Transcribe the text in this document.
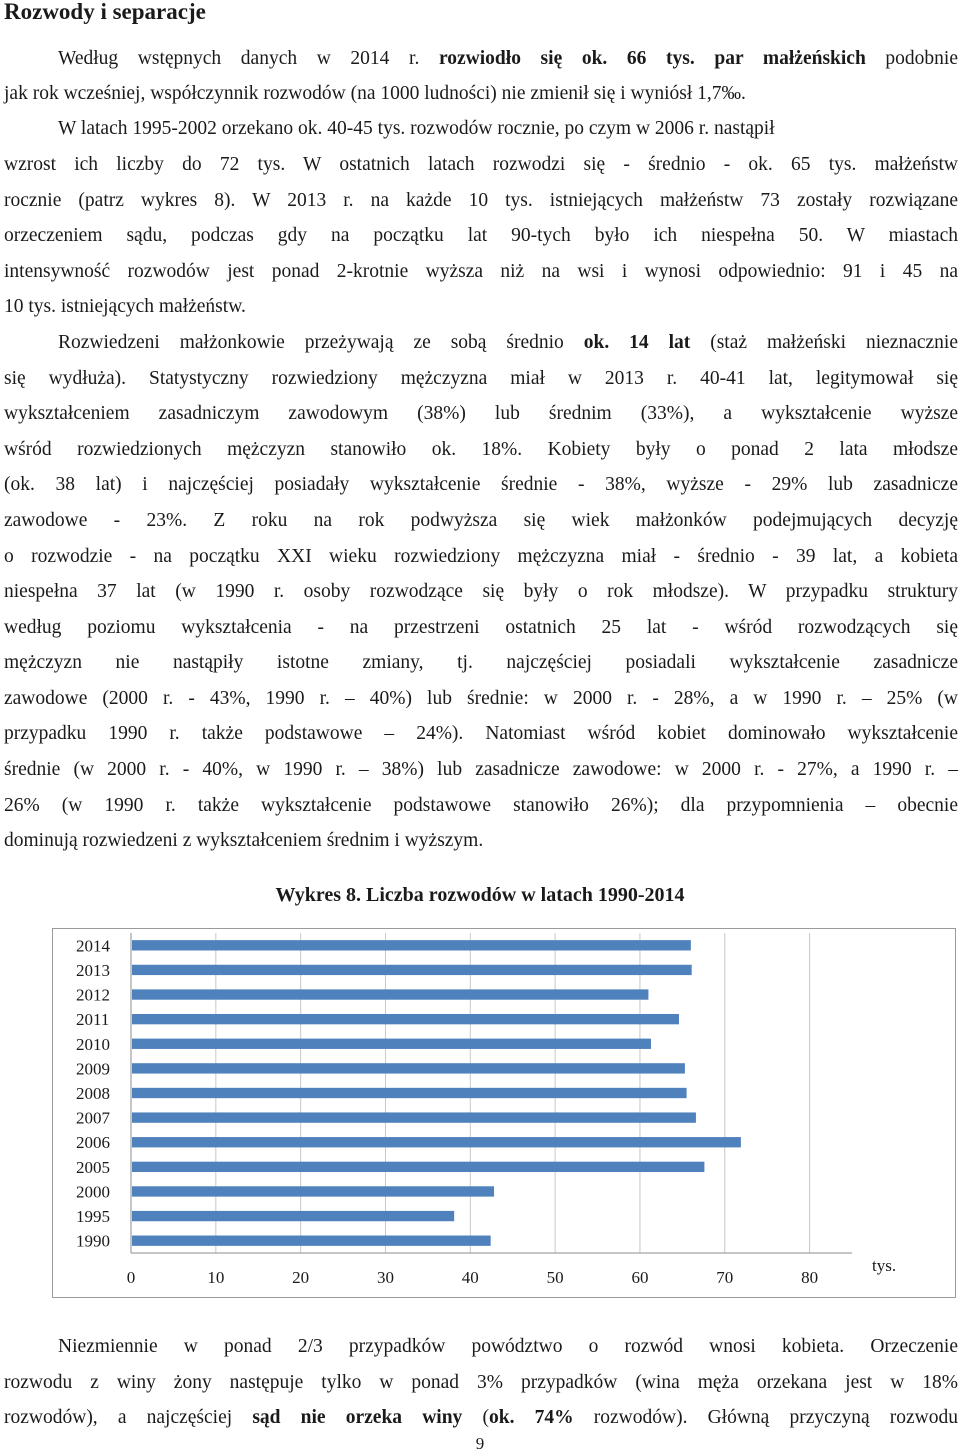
Rozwody i separacje

Według wstępnych danych w 2014 r. rozwiodło się ok. 66 tys. par małżeńskich podobnie

jak rok wcześniej, współczynnik rozwodów (na 1000 ludności) nie zmienił się i wyniósł 1,7‰.

W latach 1995-2002 orzekano ok. 40-45 tys. rozwodów rocznie, po czym w 2006 r. nastąpił

wzrost ich liczby do 72 tys. W ostatnich latach rozwodzi się - średnio - ok. 65 tys. małżeństw

rocznie (patrz wykres 8). W 2013 r. na każde 10 tys. istniejących małżeństw 73 zostały rozwiązane

orzeczeniem sądu, podczas gdy na początku lat 90-tych było ich niespełna 50. W miastach

intensywność rozwodów jest ponad 2-krotnie wyższa niż na wsi i wynosi odpowiednio: 91 i 45 na

10 tys. istniejących małżeństw.

Rozwiedzeni małżonkowie przeżywają ze sobą średnio ok. 14 lat (staż małżeński nieznacznie

się wydłuża). Statystyczny rozwiedziony mężczyzna miał w 2013 r. 40-41 lat, legitymował się

wykształceniem zasadniczym zawodowym (38%) lub średnim (33%), a wykształcenie wyższe

wśród rozwiedzionych mężczyzn stanowiło ok. 18%. Kobiety były o ponad 2 lata młodsze

(ok. 38 lat) i najczęściej posiadały wykształcenie średnie - 38%, wyższe - 29% lub zasadnicze

zawodowe - 23%. Z roku na rok podwyższa się wiek małżonków podejmujących decyzję

o rozwodzie - na początku XXI wieku rozwiedziony mężczyzna miał - średnio - 39 lat, a kobieta

niespełna 37 lat (w 1990 r. osoby rozwodzące się były o rok młodsze). W przypadku struktury

według poziomu wykształcenia - na przestrzeni ostatnich 25 lat - wśród rozwodzących się

mężczyzn nie nastąpiły istotne zmiany, tj. najczęściej posiadali wykształcenie zasadnicze

zawodowe (2000 r. - 43%, 1990 r. – 40%) lub średnie: w 2000 r. - 28%, a w 1990 r. – 25% (w

przypadku 1990 r. także podstawowe – 24%). Natomiast wśród kobiet dominowało wykształcenie

średnie (w 2000 r. - 40%, w 1990 r. – 38%) lub zasadnicze zawodowe: w 2000 r. - 27%, a 1990 r. –

26% (w 1990 r. także wykształcenie podstawowe stanowiło 26%); dla przypomnienia – obecnie

dominują rozwiedzeni z wykształceniem średnim i wyższym.

Wykres 8. Liczba rozwodów w latach 1990-2014

2014
2013
2012
2011
2010
2009
2008
2007
2006
2005
2000
1995
1990
0	10	20	30	40	50	60	70	80
tys.

Niezmiennie w ponad 2/3 przypadków powództwo o rozwód wnosi kobieta. Orzeczenie

rozwodu z winy żony następuje tylko w ponad 3% przypadków (wina męża orzekana jest w 18%

rozwodów), a najczęściej sąd nie orzeka winy (ok. 74% rozwodów). Główną przyczyną rozwodu

9
